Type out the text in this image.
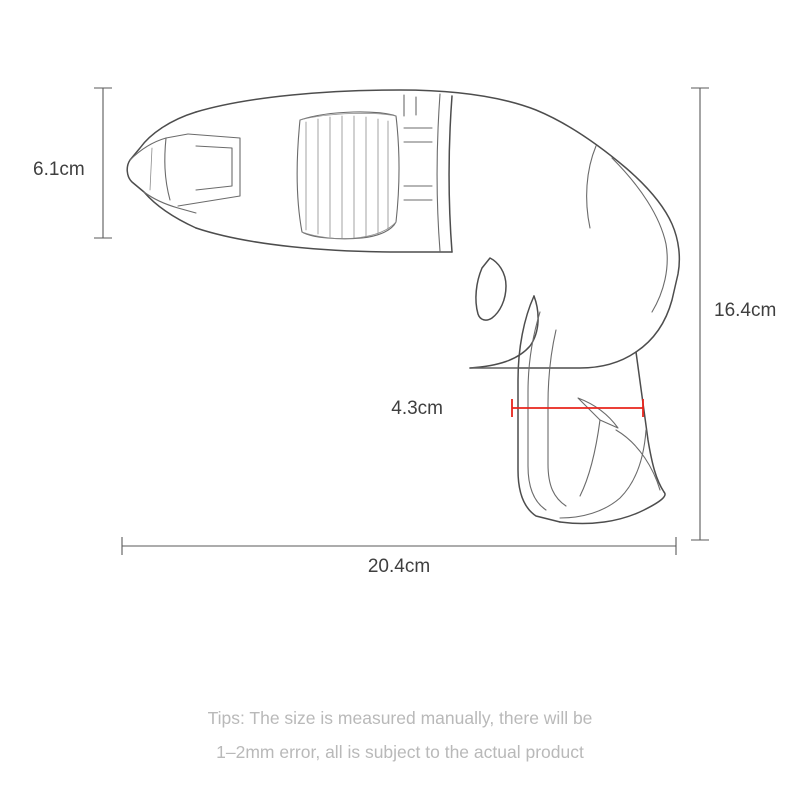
6.1cm
16.4cm
4.3cm
20.4cm
Tips: The size is measured manually, there will be
1–2mm error, all is subject to the actual product
